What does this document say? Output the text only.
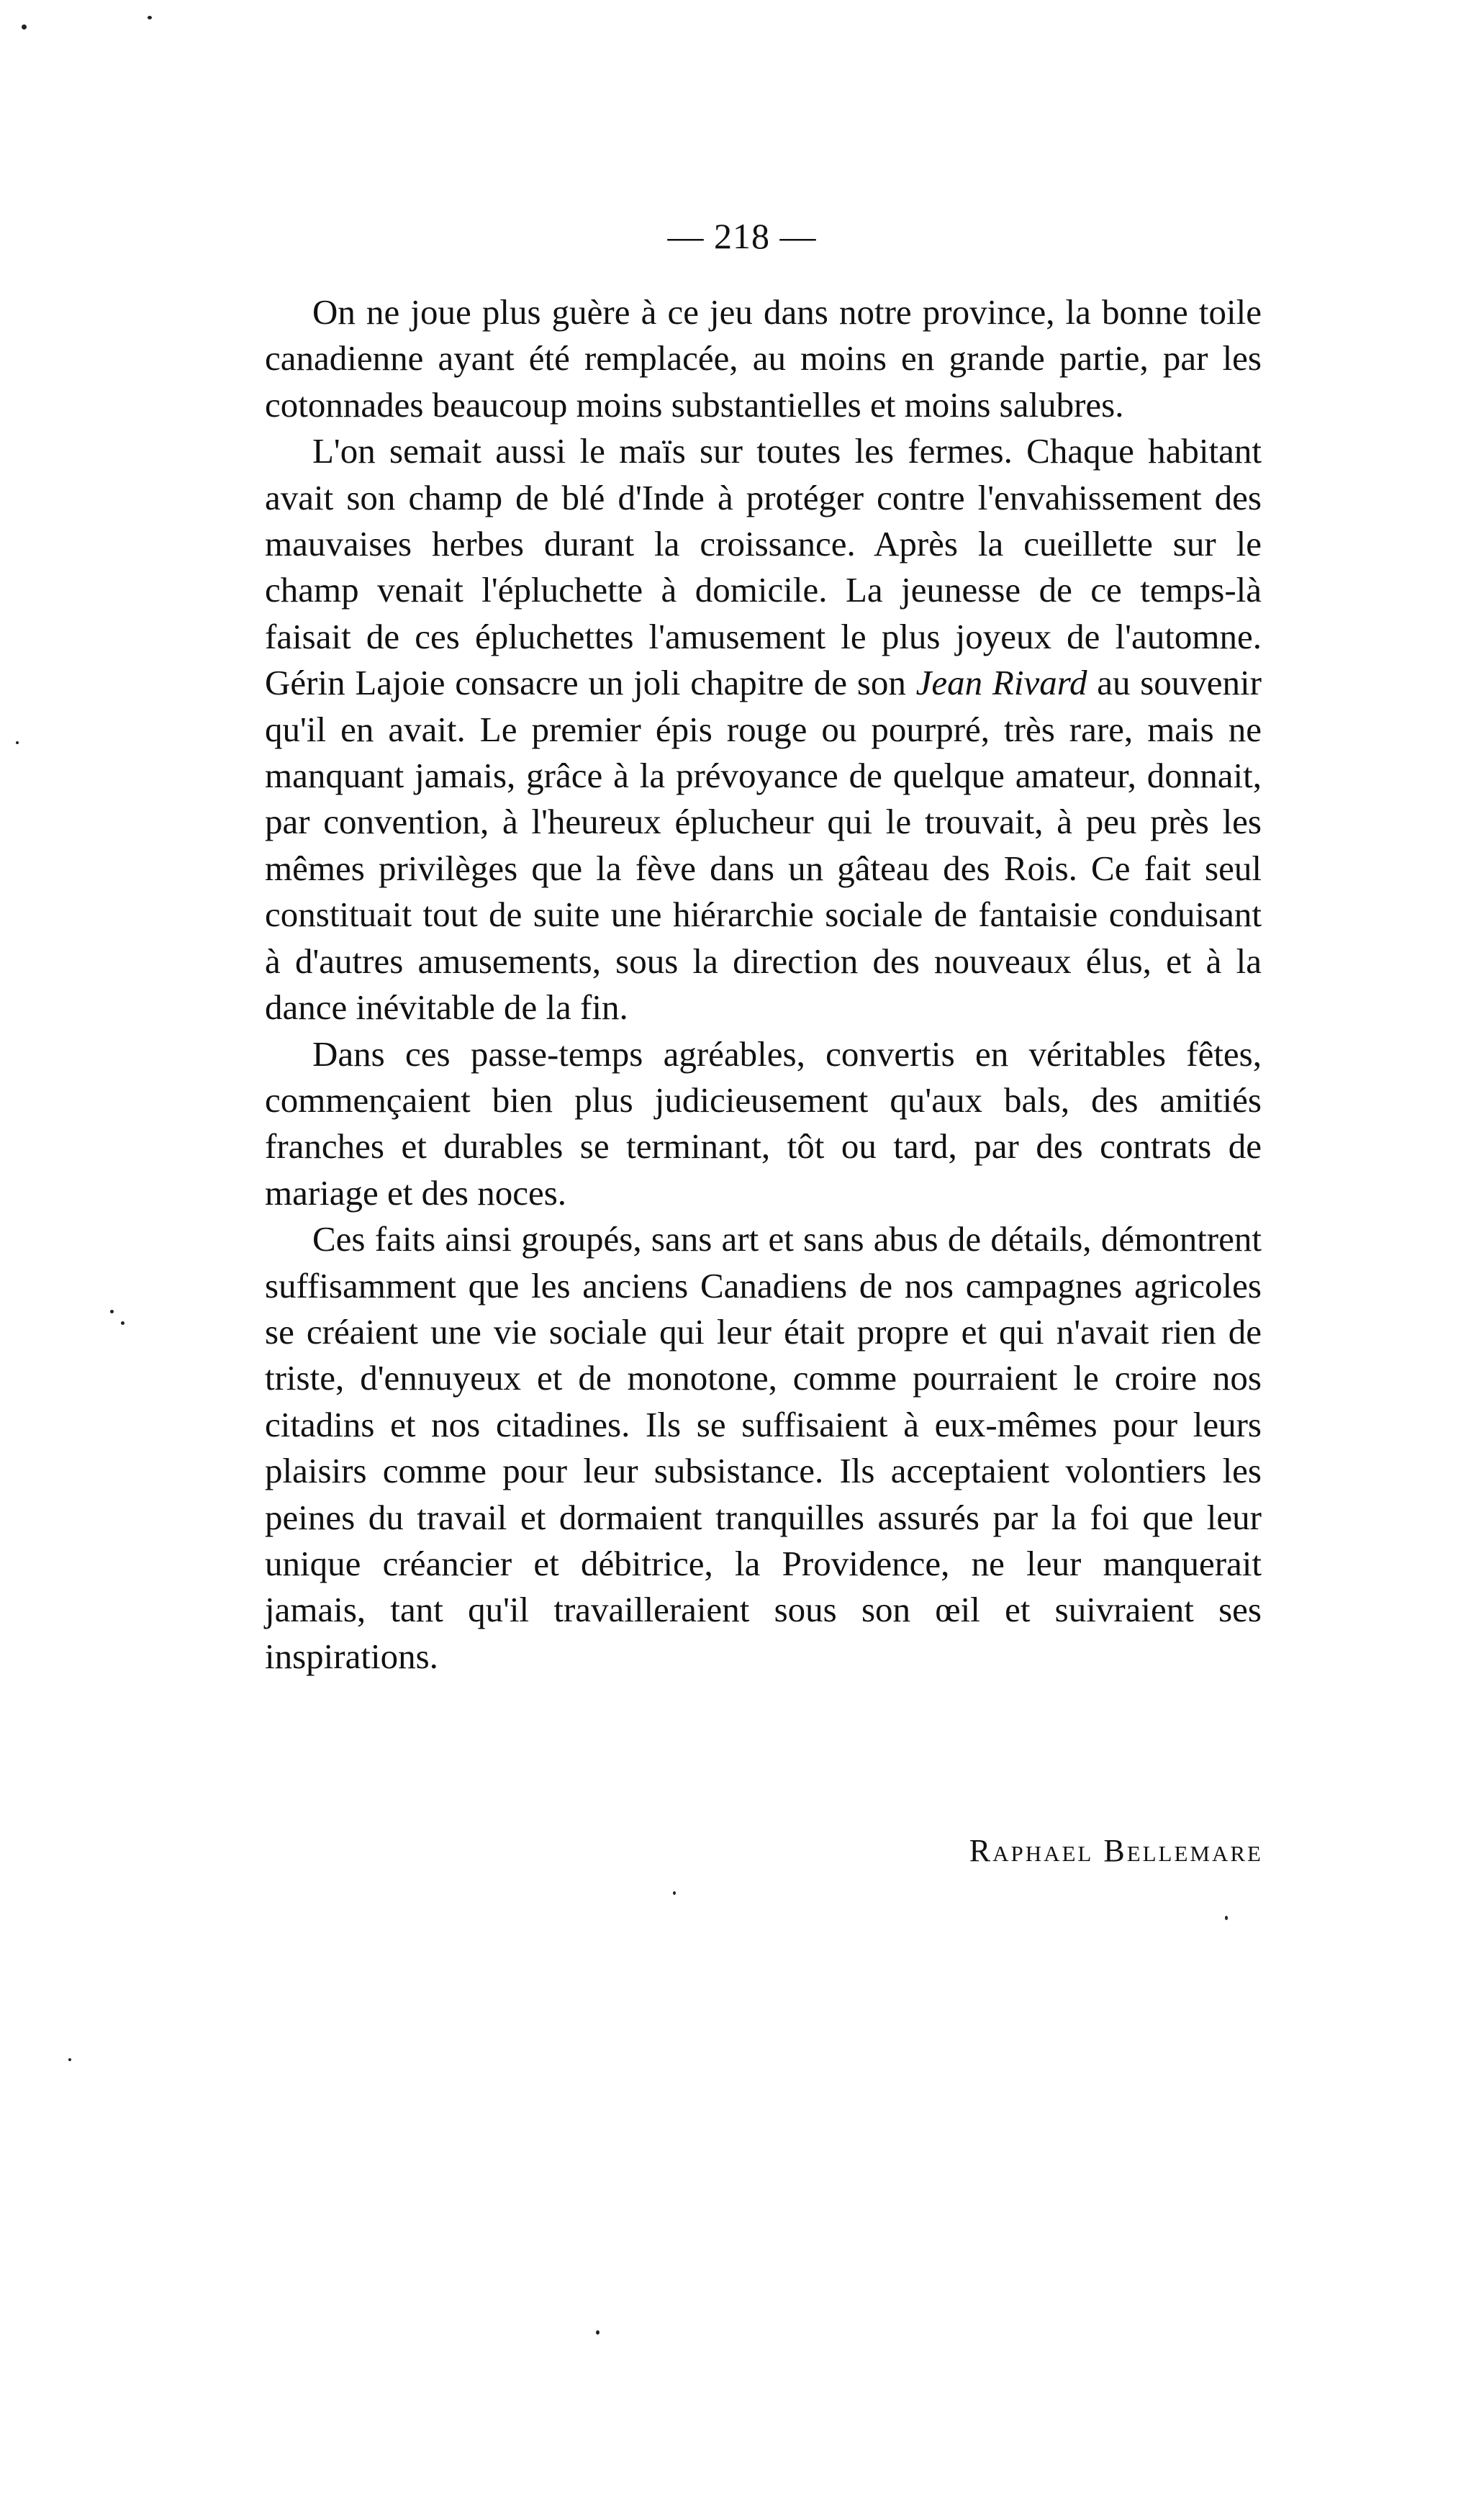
— 218 —

On ne joue plus guère à ce jeu dans notre province, la bonne toile canadienne ayant été remplacée, au moins en grande partie, par les cotonnades beaucoup moins substantielles et moins salubres.

L'on semait aussi le maïs sur toutes les fermes. Chaque habitant avait son champ de blé d'Inde à protéger contre l'envahissement des mauvaises herbes durant la croissance. Après la cueillette sur le champ venait l'épluchette à domicile. La jeunesse de ce temps-là faisait de ces épluchettes l'amusement le plus joyeux de l'automne. Gérin Lajoie consacre un joli chapitre de son Jean Rivard au souvenir qu'il en avait. Le premier épis rouge ou pourpré, très rare, mais ne manquant jamais, grâce à la prévoyance de quelque amateur, donnait, par convention, à l'heureux éplucheur qui le trouvait, à peu près les mêmes privilèges que la fève dans un gâteau des Rois. Ce fait seul constituait tout de suite une hiérarchie sociale de fantaisie conduisant à d'autres amusements, sous la direction des nouveaux élus, et à la dance inévitable de la fin.

Dans ces passe-temps agréables, convertis en véritables fêtes, commençaient bien plus judicieusement qu'aux bals, des amitiés franches et durables se terminant, tôt ou tard, par des contrats de mariage et des noces.

Ces faits ainsi groupés, sans art et sans abus de détails, démontrent suffisamment que les anciens Canadiens de nos campagnes agricoles se créaient une vie sociale qui leur était propre et qui n'avait rien de triste, d'ennuyeux et de monotone, comme pourraient le croire nos citadins et nos citadines. Ils se suffisaient à eux-mêmes pour leurs plaisirs comme pour leur subsistance. Ils acceptaient volontiers les peines du travail et dormaient tranquilles assurés par la foi que leur unique créancier et débitrice, la Providence, ne leur manquerait jamais, tant qu'il travailleraient sous son œil et suivraient ses inspirations.

Raphael Bellemare
